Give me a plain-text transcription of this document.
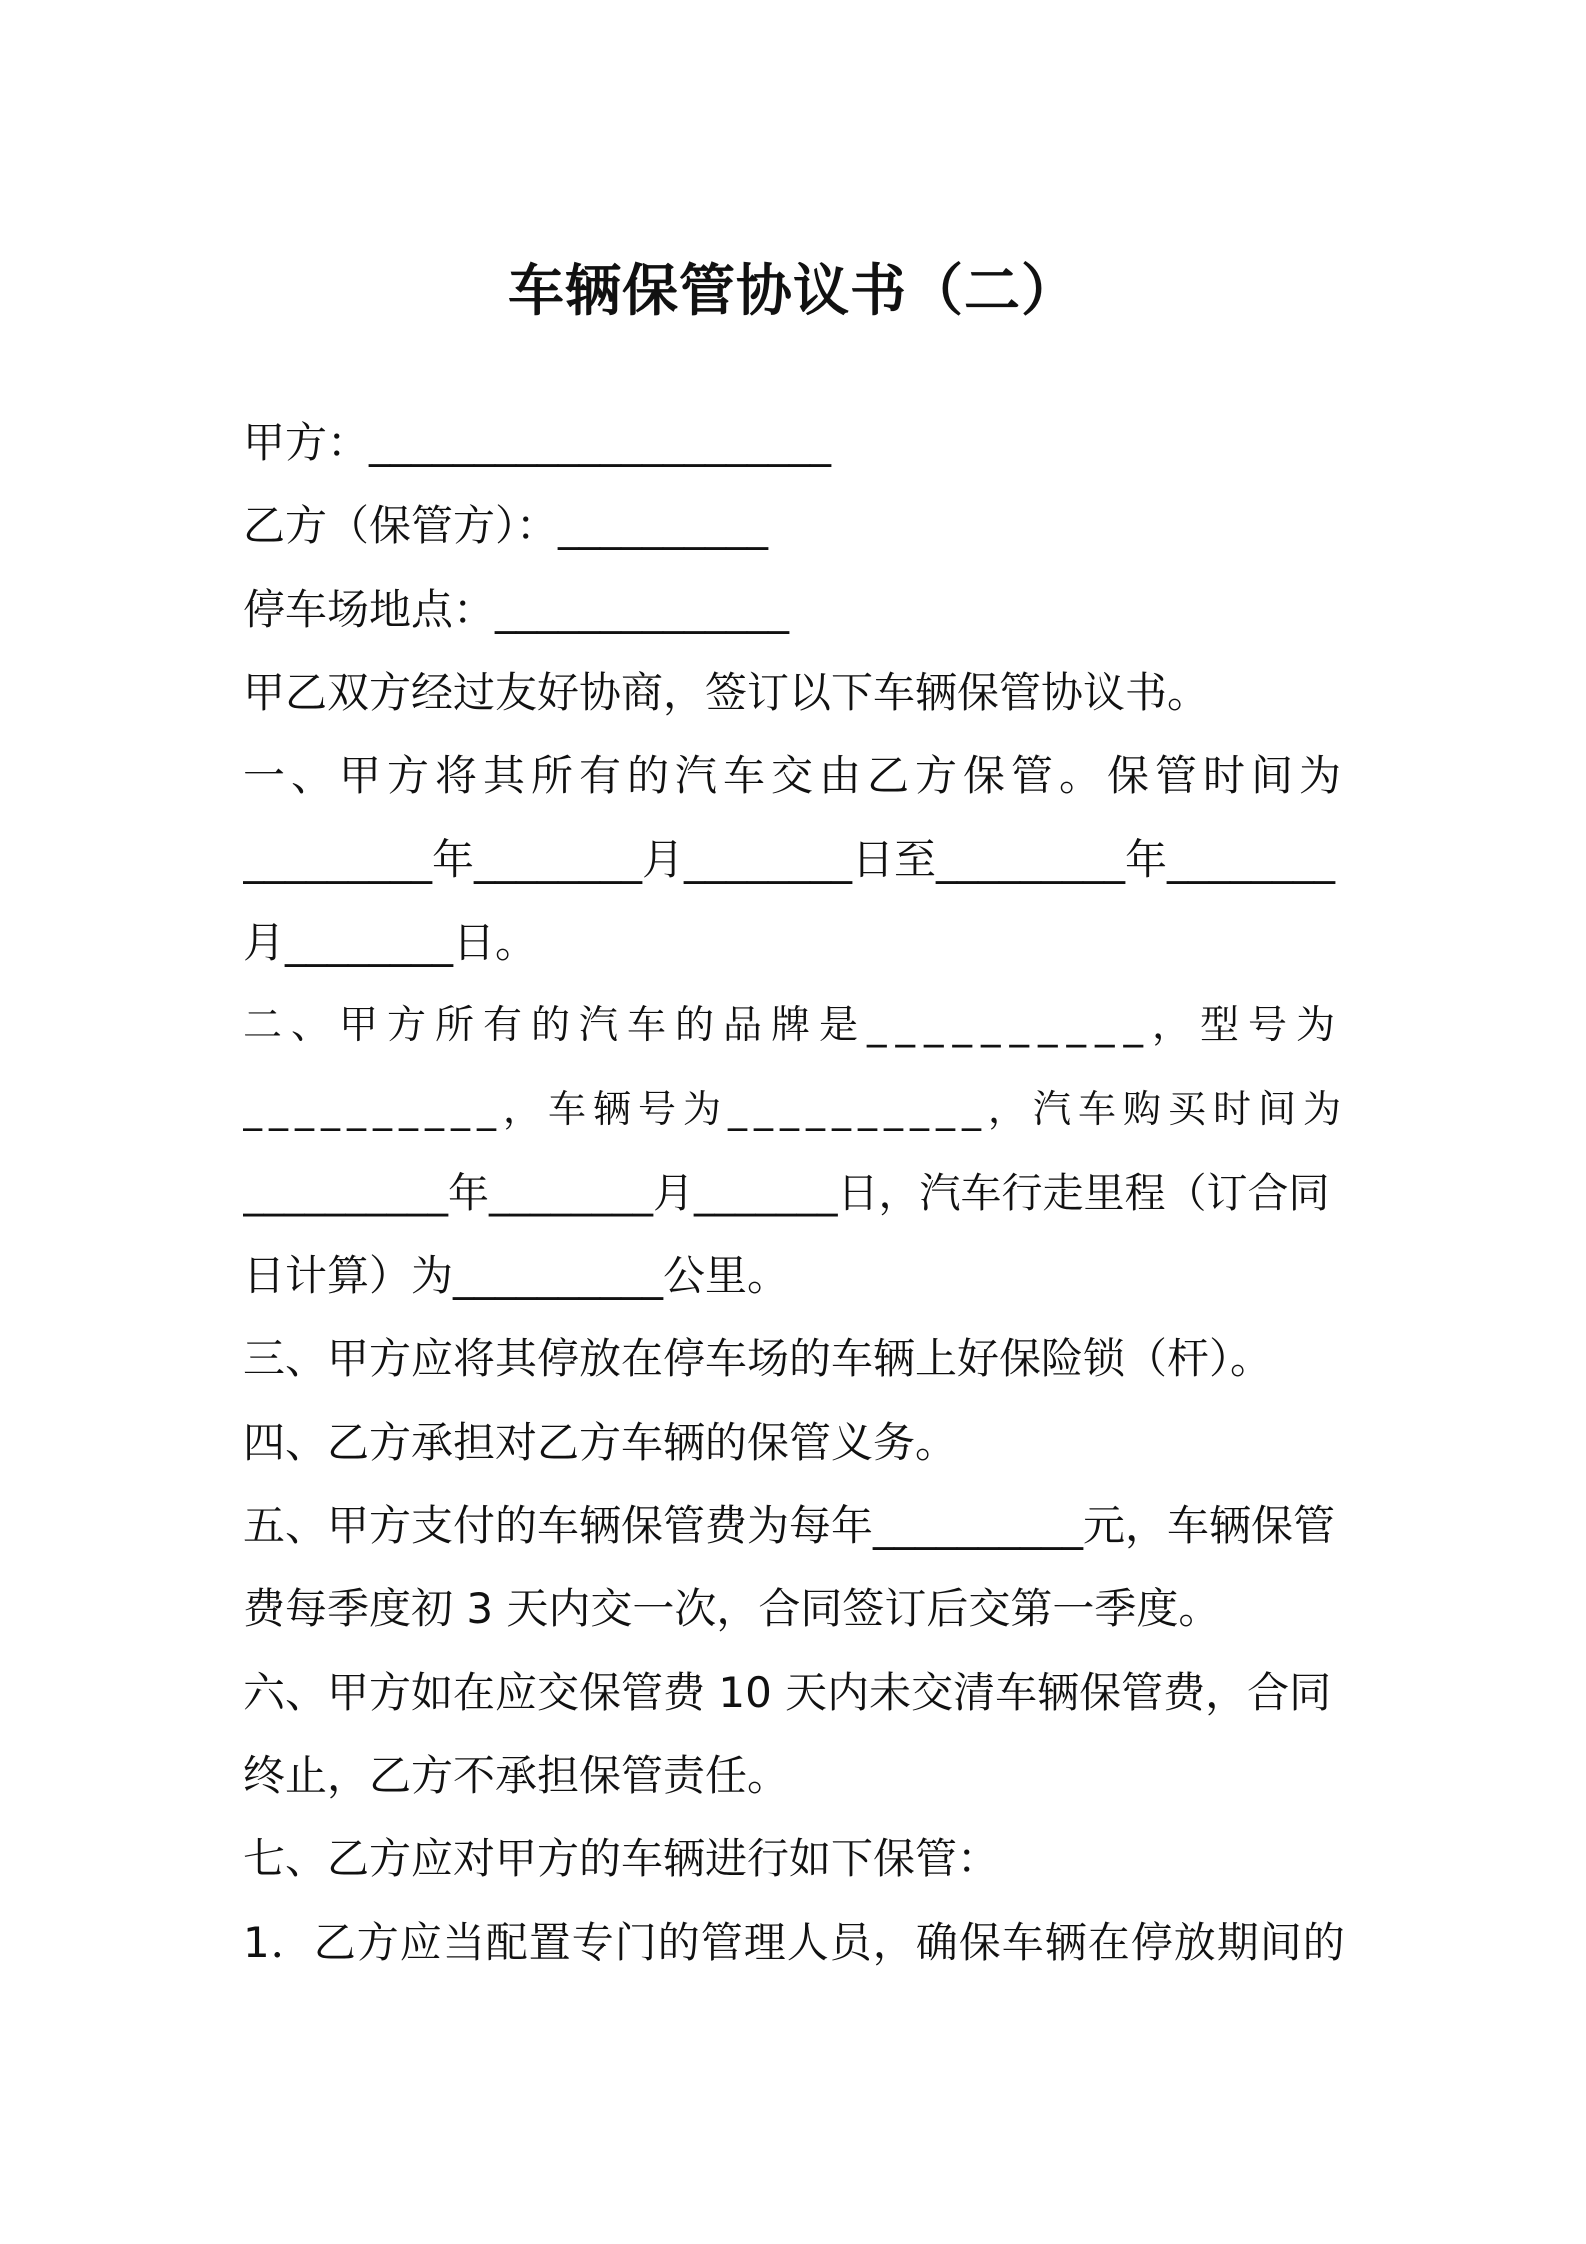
车辆保管协议书（二）
甲方：______________________
乙方（保管方）：__________
停车场地点：______________
甲乙双方经过友好协商，签订以下车辆保管协议书。
一、甲方将其所有的汽车交由乙方保管。保管时间为
_________年________月________日至_________年________
月________日。
二、甲方所有的汽车的品牌是__________，型号为
__________，车辆号为__________，汽车购买时间为
__________年________月_______日，汽车行走里程（订合同
日计算）为__________公里。
三、甲方应将其停放在停车场的车辆上好保险锁（杆）。
四、乙方承担对乙方车辆的保管义务。
五、甲方支付的车辆保管费为每年__________元，车辆保管
费每季度初 3 天内交一次，合同签订后交第一季度。
六、甲方如在应交保管费 10 天内未交清车辆保管费，合同
终止，乙方不承担保管责任。
七、乙方应对甲方的车辆进行如下保管：
1．乙方应当配置专门的管理人员，确保车辆在停放期间的
